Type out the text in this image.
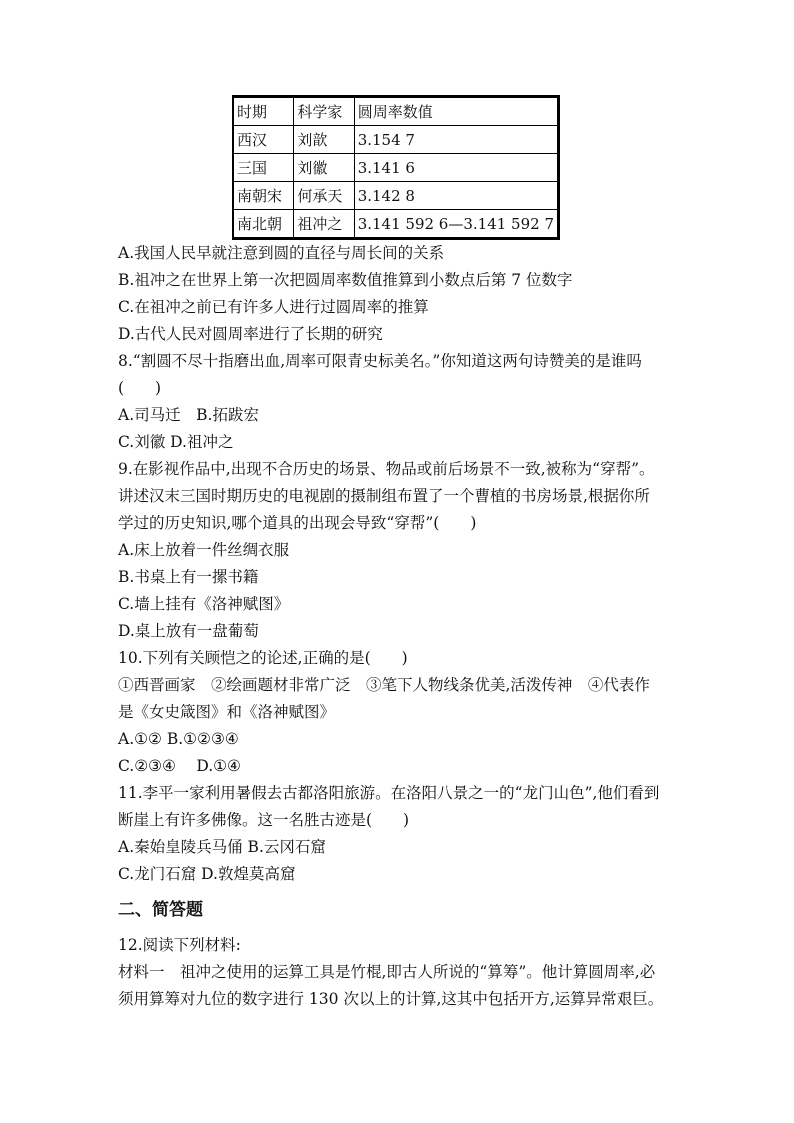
时期	科学家	圆周率数值
西汉	刘歆	3.154 7
三国	刘徽	3.141 6
南朝宋	何承天	3.142 8
南北朝	祖冲之	3.141 592 6—3.141 592 7
A.我国人民早就注意到圆的直径与周长间的关系
B.祖冲之在世界上第一次把圆周率数值推算到小数点后第 7 位数字
C.在祖冲之前已有许多人进行过圆周率的推算
D.古代人民对圆周率进行了长期的研究
8.“割圆不尽十指磨出血,周率可限青史标美名。”你知道这两句诗赞美的是谁吗
(　　)
A.司马迁　B.拓跋宏
C.刘徽 D.祖冲之
9.在影视作品中,出现不合历史的场景、物品或前后场景不一致,被称为“穿帮”。
讲述汉末三国时期历史的电视剧的摄制组布置了一个曹植的书房场景,根据你所
学过的历史知识,哪个道具的出现会导致“穿帮”(　　)
A.床上放着一件丝绸衣服
B.书桌上有一摞书籍
C.墙上挂有《洛神赋图》
D.桌上放有一盘葡萄
10.下列有关顾恺之的论述,正确的是(　　)
①西晋画家　②绘画题材非常广泛　③笔下人物线条优美,活泼传神　④代表作
是《女史箴图》和《洛神赋图》
A.①② B.①②③④
C.②③④　 D.①④
11.李平一家利用暑假去古都洛阳旅游。在洛阳八景之一的“龙门山色”,他们看到
断崖上有许多佛像。这一名胜古迹是(　　)
A.秦始皇陵兵马俑 B.云冈石窟
C.龙门石窟 D.敦煌莫高窟
二、简答题
12.阅读下列材料:
材料一　祖冲之使用的运算工具是竹棍,即古人所说的“算筹”。他计算圆周率,必
须用算筹对九位的数字进行 130 次以上的计算,这其中包括开方,运算异常艰巨。
